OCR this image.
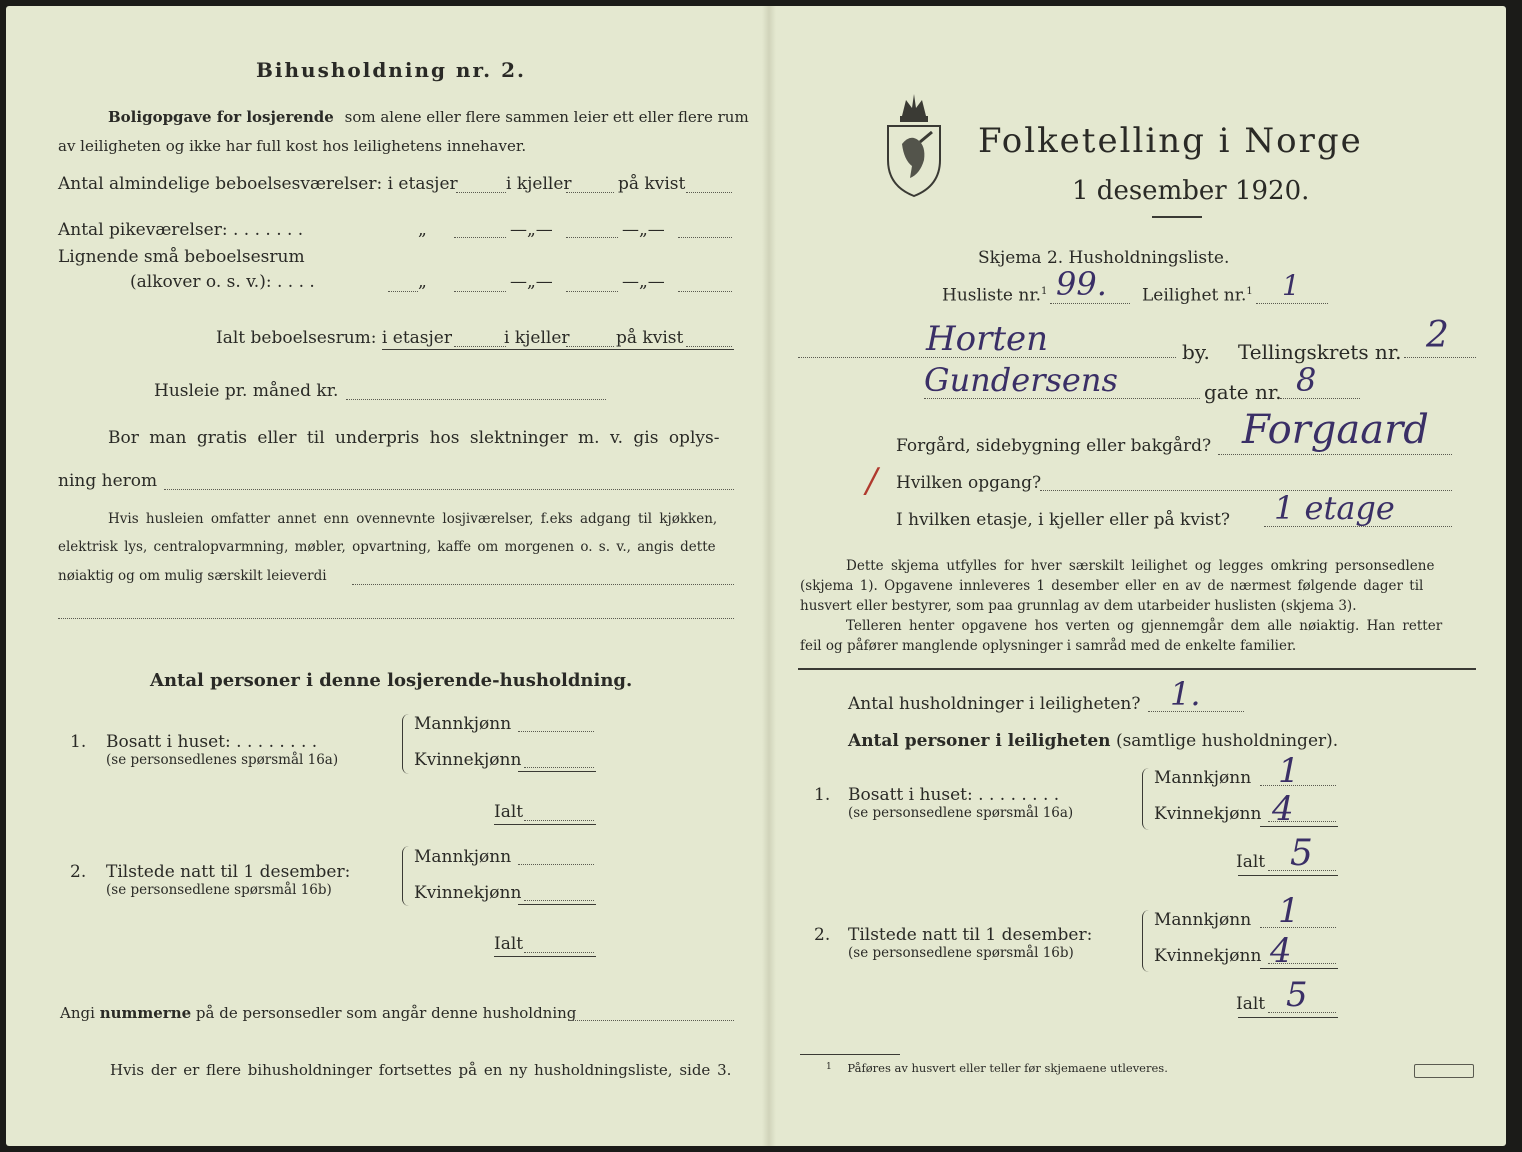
Bihusholdning nr. 2.
Boligopgave for losjerende som alene eller flere sammen leier ett eller flere rum
av leiligheten og ikke har full kost hos leilighetens innehaver.
Antal almindelige beboelsesværelser: i etasjer	i kjeller	på kvist
Antal pikeværelser: . . . . . . .	„	—„—	—„—
Lignende små beboelsesrum
(alkover o. s. v.): . . . .	„	—„—	—„—
Ialt beboelsesrum: i etasjer	i kjeller	på kvist
Husleie pr. måned kr.
Bor man gratis eller til underpris hos slektninger m. v. gis oplys-
ning herom
Hvis husleien omfatter annet enn ovennevnte losjiværelser, f.eks adgang til kjøkken,
elektrisk lys, centralopvarmning, møbler, opvartning, kaffe om morgenen o. s. v., angis dette
nøiaktig og om mulig særskilt leieverdi
Antal personer i denne losjerende-husholdning.
1. Bosatt i huset: . . . . . . . .
(se personsedlenes spørsmål 16a)
Mannkjønn
Kvinnekjønn
Ialt
2. Tilstede natt til 1 desember:
(se personsedlene spørsmål 16b)
Mannkjønn
Kvinnekjønn
Ialt
Angi nummerne på de personsedler som angår denne husholdning
Hvis der er flere bihusholdninger fortsettes på en ny husholdningsliste, side 3.
Folketelling i Norge
1 desember 1920.
Skjema 2. Husholdningsliste.
Husliste nr.$^1$ 99. Leilighet nr.$^1$ 1
Horten	by. Tellingskrets nr. 2
Gundersens	gate nr. 8
Forgård, sidebygning eller bakgård? Forgaard
/ Hvilken opgang?
I hvilken etasje, i kjeller eller på kvist? 1 etage
Dette skjema utfylles for hver særskilt leilighet og legges omkring personsedlene
(skjema 1). Opgavene innleveres 1 desember eller en av de nærmest følgende dager til
husvert eller bestyrer, som paa grunnlag av dem utarbeider huslisten (skjema 3).
Telleren henter opgavene hos verten og gjennemgår dem alle nøiaktig. Han retter
feil og påfører manglende oplysninger i samråd med de enkelte familier.
Antal husholdninger i leiligheten? 1.
Antal personer i leiligheten (samtlige husholdninger).
1. Bosatt i huset: . . . . . . . .
(se personsedlene spørsmål 16a)
Mannkjønn 1
Kvinnekjønn 4
Ialt 5
2. Tilstede natt til 1 desember:
(se personsedlene spørsmål 16b)
Mannkjønn 1
Kvinnekjønn 4
Ialt 5
$^1$ Påføres av husvert eller teller før skjemaene utleveres.
